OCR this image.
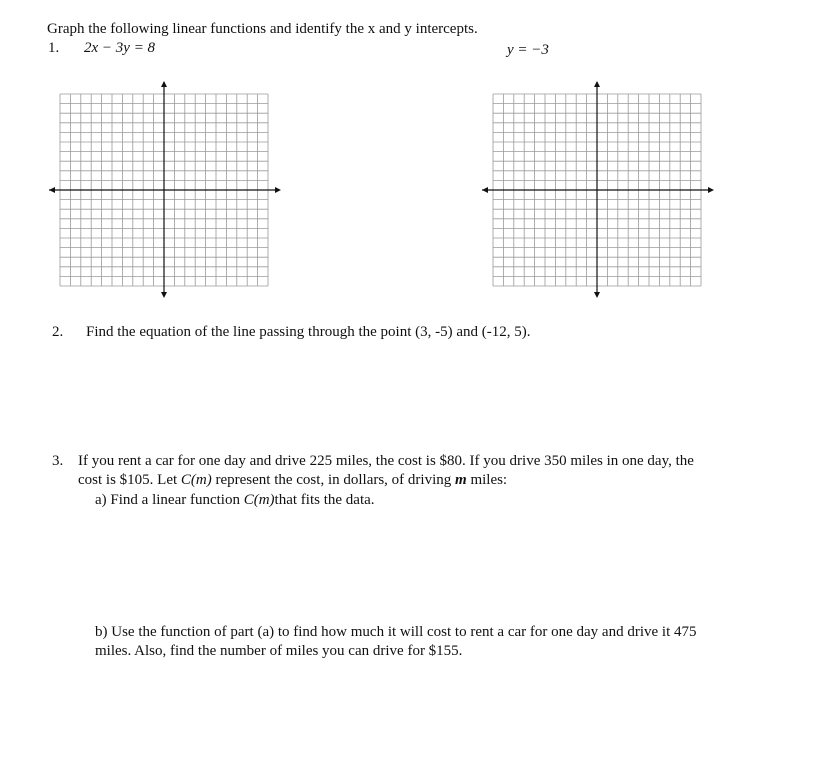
Graph the following linear functions and identify the x and y intercepts.
1. 2x − 3y = 8	y = −3
2. Find the equation of the line passing through the point (3, -5) and (-12, 5).
3. If you rent a car for one day and drive 225 miles, the cost is $80. If you drive 350 miles in one day, the
cost is $105. Let C(m) represent the cost, in dollars, of driving m miles:
a) Find a linear function C(m)that fits the data.
b) Use the function of part (a) to find how much it will cost to rent a car for one day and drive it 475
miles. Also, find the number of miles you can drive for $155.
